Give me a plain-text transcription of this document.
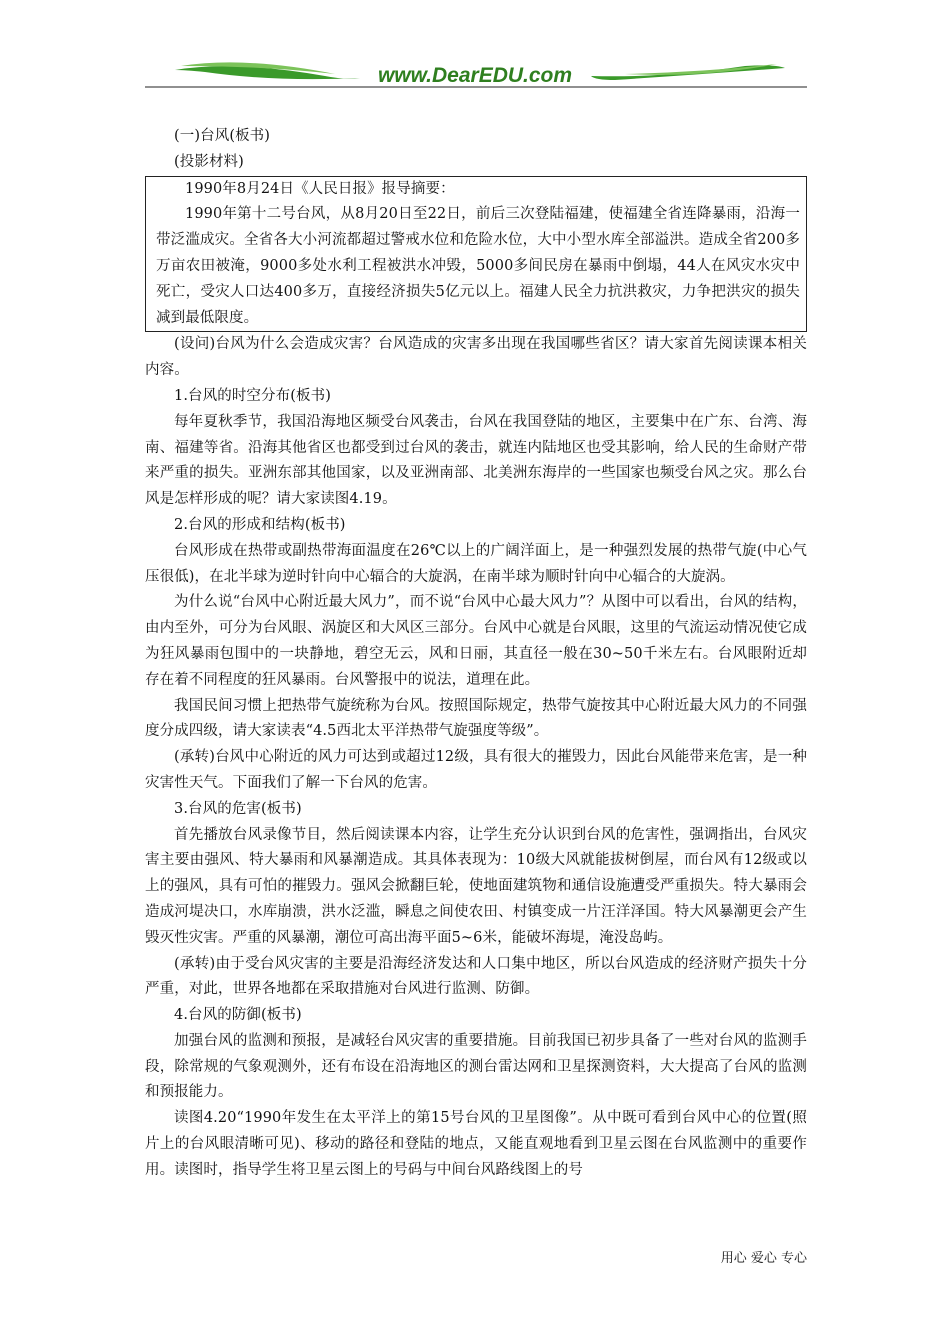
www.DearEDU.com

(一)台风(板书)

(投影材料)

1990年8月24日《人民日报》报导摘要：

1990年第十二号台风，从8月20日至22日，前后三次登陆福建，使福建全省连降暴雨，沿海一带泛滥成灾。全省各大小河流都超过警戒水位和危险水位，大中小型水库全部溢洪。造成全省200多万亩农田被淹，9000多处水利工程被洪水冲毁，5000多间民房在暴雨中倒塌，44人在风灾水灾中死亡，受灾人口达400多万，直接经济损失5亿元以上。福建人民全力抗洪救灾，力争把洪灾的损失减到最低限度。

(设问)台风为什么会造成灾害？台风造成的灾害多出现在我国哪些省区？请大家首先阅读课本相关内容。

1.台风的时空分布(板书)

每年夏秋季节，我国沿海地区频受台风袭击，台风在我国登陆的地区，主要集中在广东、台湾、海南、福建等省。沿海其他省区也都受到过台风的袭击，就连内陆地区也受其影响，给人民的生命财产带来严重的损失。亚洲东部其他国家，以及亚洲南部、北美洲东海岸的一些国家也频受台风之灾。那么台风是怎样形成的呢？请大家读图4.19。

2.台风的形成和结构(板书)

台风形成在热带或副热带海面温度在26℃以上的广阔洋面上，是一种强烈发展的热带气旋(中心气压很低)，在北半球为逆时针向中心辐合的大旋涡，在南半球为顺时针向中心辐合的大旋涡。

为什么说“台风中心附近最大风力”，而不说“台风中心最大风力”？从图中可以看出，台风的结构，由内至外，可分为台风眼、涡旋区和大风区三部分。台风中心就是台风眼，这里的气流运动情况使它成为狂风暴雨包围中的一块静地，碧空无云，风和日丽，其直径一般在30~50千米左右。台风眼附近却存在着不同程度的狂风暴雨。台风警报中的说法，道理在此。

我国民间习惯上把热带气旋统称为台风。按照国际规定，热带气旋按其中心附近最大风力的不同强度分成四级，请大家读表“4.5西北太平洋热带气旋强度等级”。

(承转)台风中心附近的风力可达到或超过12级，具有很大的摧毁力，因此台风能带来危害，是一种灾害性天气。下面我们了解一下台风的危害。

3.台风的危害(板书)

首先播放台风录像节目，然后阅读课本内容，让学生充分认识到台风的危害性，强调指出，台风灾害主要由强风、特大暴雨和风暴潮造成。其具体表现为：10级大风就能拔树倒屋，而台风有12级或以上的强风，具有可怕的摧毁力。强风会掀翻巨轮，使地面建筑物和通信设施遭受严重损失。特大暴雨会造成河堤决口，水库崩溃，洪水泛滥，瞬息之间使农田、村镇变成一片汪洋泽国。特大风暴潮更会产生毁灭性灾害。严重的风暴潮，潮位可高出海平面5~6米，能破坏海堤，淹没岛屿。

(承转)由于受台风灾害的主要是沿海经济发达和人口集中地区，所以台风造成的经济财产损失十分严重，对此，世界各地都在采取措施对台风进行监测、防御。

4.台风的防御(板书)

加强台风的监测和预报，是减轻台风灾害的重要措施。目前我国已初步具备了一些对台风的监测手段，除常规的气象观测外，还有布设在沿海地区的测台雷达网和卫星探测资料，大大提高了台风的监测和预报能力。

读图4.20“1990年发生在太平洋上的第15号台风的卫星图像”。从中既可看到台风中心的位置(照片上的台风眼清晰可见)、移动的路径和登陆的地点，又能直观地看到卫星云图在台风监测中的重要作用。读图时，指导学生将卫星云图上的号码与中间台风路线图上的号

用心 爱心 专心
